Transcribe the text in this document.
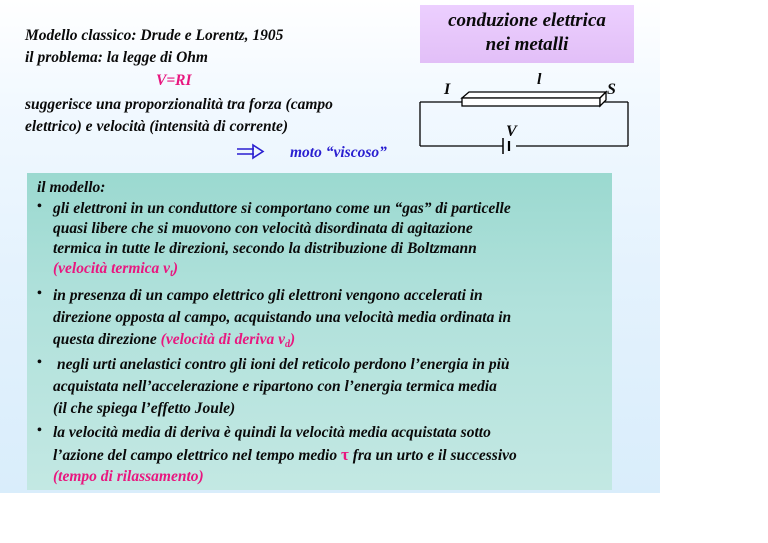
Modello classico: Drude e Lorentz, 1905
il problema: la legge di Ohm
V=RI
suggerisce una proporzionalità tra forza (campo
elettrico) e velocità (intensità di corrente)
moto “viscoso”
I
l
S
V
conduzione elettrica
nei metalli
il modello:
• gli elettroni in un conduttore si comportano come un “gas” di particelle
quasi libere che si muovono con velocità disordinata di agitazione
termica in tutte le direzioni, secondo la distribuzione di Boltzmann
(velocità termica $v_t$)
• in presenza di un campo elettrico gli elettroni vengono accelerati in
direzione opposta al campo, acquistando una velocità media ordinata in
questa direzione (velocità di deriva $v_d$)
• negli urti anelastici contro gli ioni del reticolo perdono l’energia in più
acquistata nell’accelerazione e ripartono con l’energia termica media
(il che spiega l’effetto Joule)
• la velocità media di deriva è quindi la velocità media acquistata sotto
l’azione del campo elettrico nel tempo medio τ fra un urto e il successivo
(tempo di rilassamento)
